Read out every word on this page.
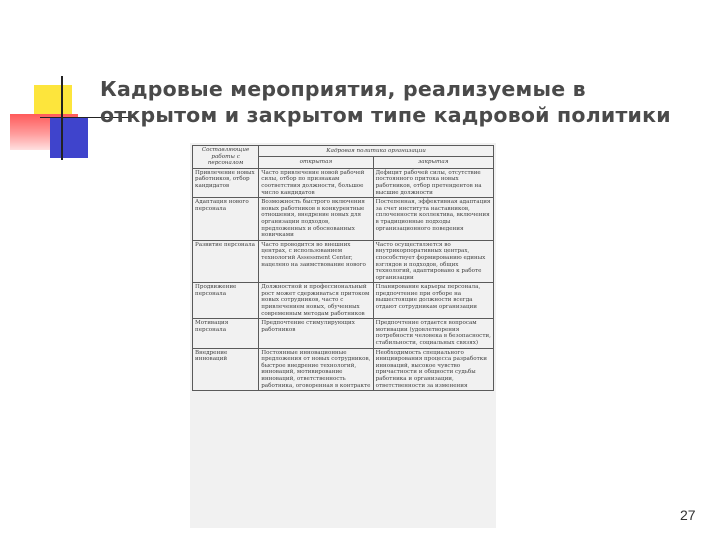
Кадровые мероприятия, реализуемые в
открытом и закрытом типе кадровой политики
Составляющие работы с персоналом	Кадровая политика организации	
	открытая	закрытая
Привлечение новых работников, отбор кандидатов	Часто привлечение новой рабочей силы, отбор по признакам соответствия должности, большое число кандидатов	Дефицит рабочей силы, отсутствие постоянного притока новых работников, отбор претендентов на высшие должности
Адаптация нового персонала	Возможность быстрого включения новых работников в конкурентные отношения, внедрение новых для организации подходов, предложенных и обоснованных новичками	Постепенная, эффективная адаптация за счет института наставников, сплоченности коллектива, включения в традиционные подходы организационного поведения
Развитие персонала	Часто проводится во внешних центрах, с использованием технологий Assessment Center, нацелено на заимствование нового	Часто осуществляется во внутрикорпоративных центрах, способствует формированию единых взглядов и подходов, общих технологий, адаптировано к работе организации
Продвижение персонала	Должностной и профессиональный рост может сдерживаться притоком новых сотрудников, часто с привлечением новых, обученных современным методам работников	Планирование карьеры персонала, предпочтение при отборе на вышестоящие должности всегда отдают сотрудникам организации
Мотивация персонала	Предпочтение стимулирующих работников	Предпочтение отдается вопросам мотивации (удовлетворения потребности человека в безопасности, стабильности, социальных связях)
Внедрение инноваций	Постоянные инновационные предложения от новых сотрудников, быстрое внедрение технологий, инноваций, мотивирование инноваций, ответственность работника, оговоренная в контракте	Необходимость специального инициирования процесса разработки инноваций, высокое чувство причастности и общности судьбы работника и организации, ответственности за изменения
27
